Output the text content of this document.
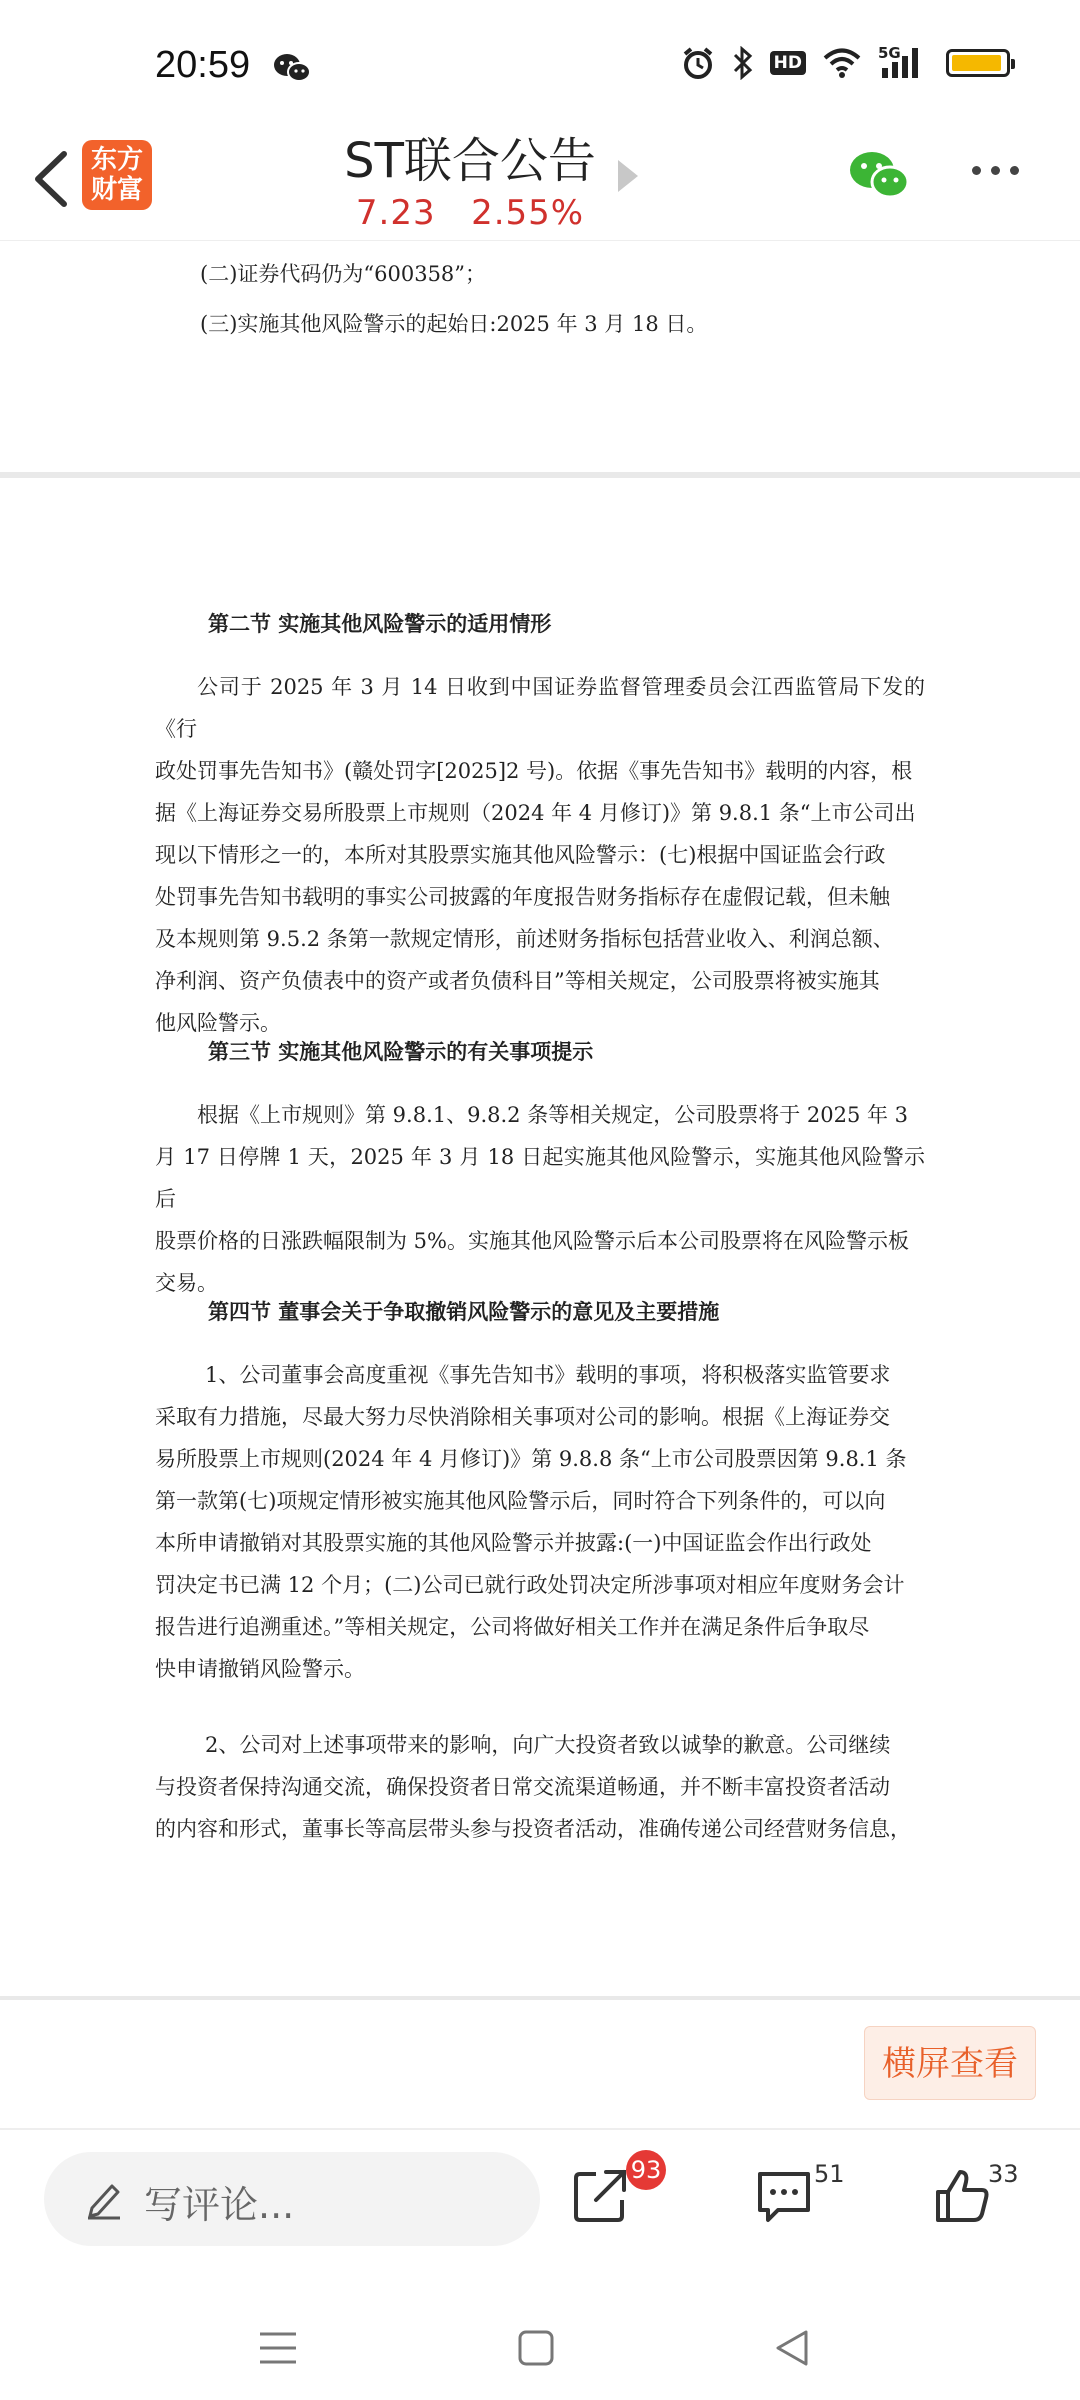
20:59	HD	5G
东方
财富
ST联合公告
7.23 2.55%
(二)证券代码仍为“600358”；
(三)实施其他风险警示的起始日:2025 年 3 月 18 日。
第二节 实施其他风险警示的适用情形
公司于 2025 年 3 月 14 日收到中国证券监督管理委员会江西监管局下发的《行
政处罚事先告知书》(赣处罚字[2025]2 号)。依据《事先告知书》载明的内容，根
据《上海证券交易所股票上市规则（2024 年 4 月修订)》第 9.8.1 条“上市公司出
现以下情形之一的，本所对其股票实施其他风险警示：(七)根据中国证监会行政
处罚事先告知书载明的事实公司披露的年度报告财务指标存在虚假记载，但未触
及本规则第 9.5.2 条第一款规定情形，前述财务指标包括营业收入、利润总额、
净利润、资产负债表中的资产或者负债科目”等相关规定，公司股票将被实施其
他风险警示。
第三节 实施其他风险警示的有关事项提示
根据《上市规则》第 9.8.1、9.8.2 条等相关规定，公司股票将于 2025 年 3
月 17 日停牌 1 天，2025 年 3 月 18 日起实施其他风险警示，实施其他风险警示后
股票价格的日涨跌幅限制为 5%。实施其他风险警示后本公司股票将在风险警示板
交易。
第四节 董事会关于争取撤销风险警示的意见及主要措施
1、公司董事会高度重视《事先告知书》载明的事项，将积极落实监管要求
采取有力措施，尽最大努力尽快消除相关事项对公司的影响。根据《上海证券交
易所股票上市规则(2024 年 4 月修订)》第 9.8.8 条“上市公司股票因第 9.8.1 条
第一款第(七)项规定情形被实施其他风险警示后，同时符合下列条件的，可以向
本所申请撤销对其股票实施的其他风险警示并披露:(一)中国证监会作出行政处
罚决定书已满 12 个月；(二)公司已就行政处罚决定所涉事项对相应年度财务会计
报告进行追溯重述。”等相关规定，公司将做好相关工作并在满足条件后争取尽
快申请撤销风险警示。
2、公司对上述事项带来的影响，向广大投资者致以诚挚的歉意。公司继续
与投资者保持沟通交流，确保投资者日常交流渠道畅通，并不断丰富投资者活动
的内容和形式，董事长等高层带头参与投资者活动，准确传递公司经营财务信息，
横屏查看
写评论...
93	51	33
